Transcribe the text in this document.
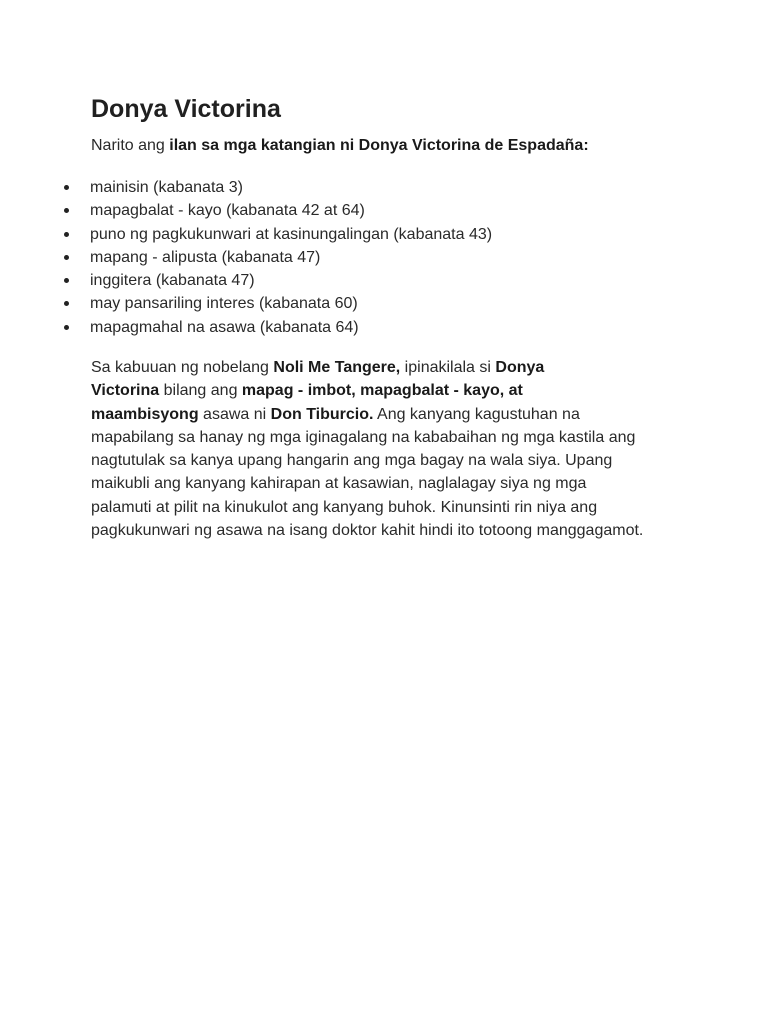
Donya Victorina

Narito ang ilan sa mga katangian ni Donya Victorina de Espadaña:

mainisin (kabanata 3)
mapagbalat - kayo (kabanata 42 at 64)
puno ng pagkukunwari at kasinungalingan (kabanata 43)
mapang - alipusta (kabanata 47)
inggitera (kabanata 47)
may pansariling interes (kabanata 60)
mapagmahal na asawa (kabanata 64)

Sa kabuuan ng nobelang Noli Me Tangere, ipinakilala si Donya
Victorina bilang ang mapag - imbot, mapagbalat - kayo, at
maambisyong asawa ni Don Tiburcio. Ang kanyang kagustuhan na
mapabilang sa hanay ng mga iginagalang na kababaihan ng mga kastila ang
nagtutulak sa kanya upang hangarin ang mga bagay na wala siya. Upang
maikubli ang kanyang kahirapan at kasawian, naglalagay siya ng mga
palamuti at pilit na kinukulot ang kanyang buhok. Kinunsinti rin niya ang
pagkukunwari ng asawa na isang doktor kahit hindi ito totoong manggagamot.
